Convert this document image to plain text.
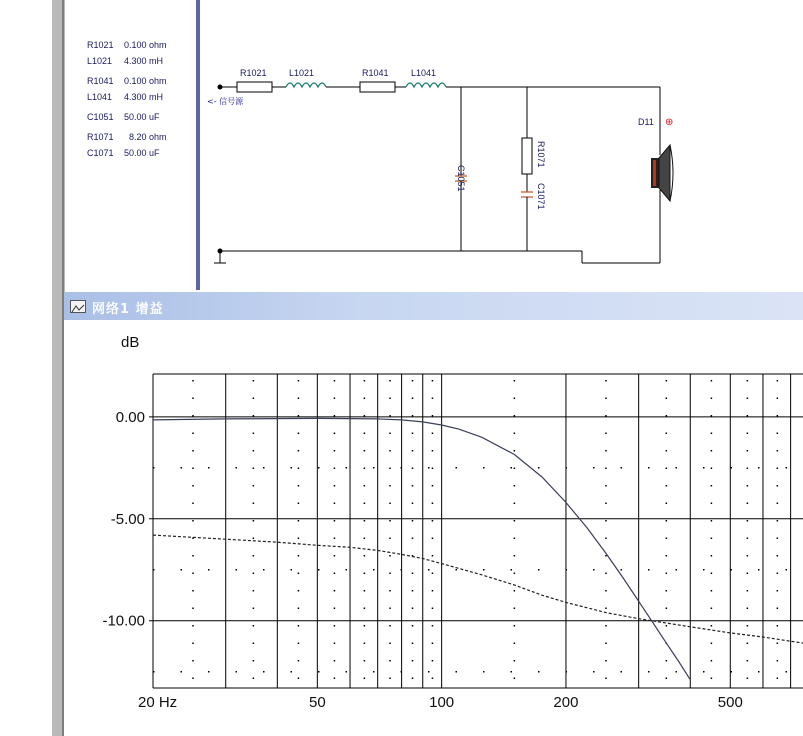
R1021 0.100 ohm
L1021 4.300 mH
R1041 0.100 ohm
L1041 4.300 mH
C1051 50.00 uF
R1071 8.20 ohm
C1071 50.00 uF
R1021 L1021	R1041 L1041
C1051
R1071
C1071
D11 ⊕
<- 信号源
网络1 增益
0.00
-5.00
-10.00
20 Hz	50	100	200	500
dB
